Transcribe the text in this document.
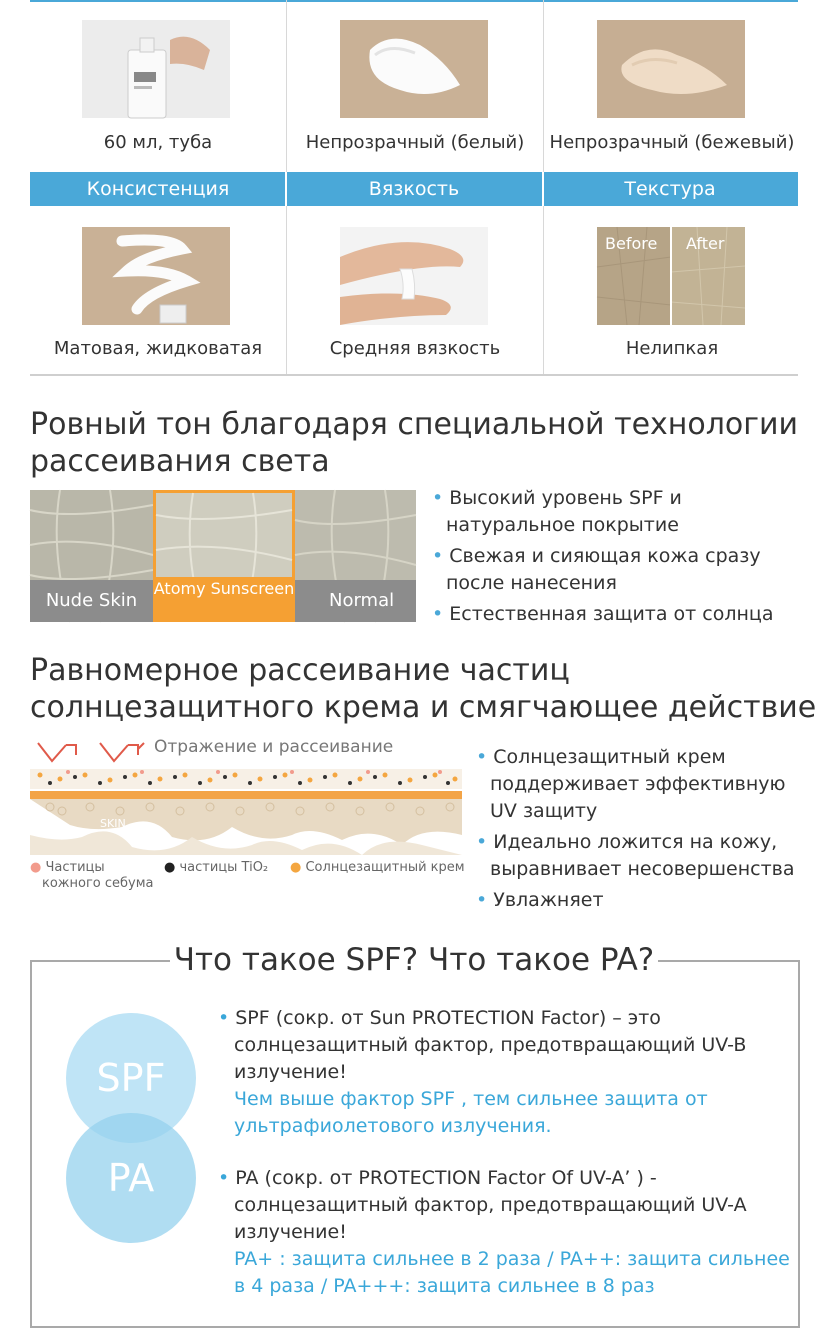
60 мл, туба	Непрозрачный (белый)	Непрозрачный (бежевый)
Консистенция	Вязкость	Текстура
Before After
Матовая, жидковатая	Средняя вязкость	Нелипкая
Ровный тон благодаря специальной технологии
рассеивания света
Nude Skin
Atomy Sunscreen
Normal lot
• Высокий уровень SPF и
натуральное покрытие
• Свежая и сияющая кожа сразу
после нанесения
• Естественная защита от солнца
Равномерное рассеивание частиц
солнцезащитного крема и смягчающее действие
Отражение и рассеивание
SKIN
● Частицы
кожного себума
● частицы TiO₂ ● Солнцезащитный крем
• Солнцезащитный крем
поддерживает эффективную
UV защиту
• Идеально ложится на кожу,
выравнивает несовершенства
• Увлажняет
Что такое SPF? Что такое PA?
SPF
PA
• SPF (сокр. от Sun PROTECTION Factor) – это
солнцезащитный фактор, предотвращающий UV-B
излучение!
Чем выше фактор SPF , тем сильнее защита от
ультрафиолетового излучения.
• PA (сокр. от PROTECTION Factor Of UV-A’ ) -
солнцезащитный фактор, предотвращающий UV-A
излучение!
PA+ : защита сильнее в 2 раза / PA++: защита сильнее
в 4 раза / PA+++: защита сильнее в 8 раз
